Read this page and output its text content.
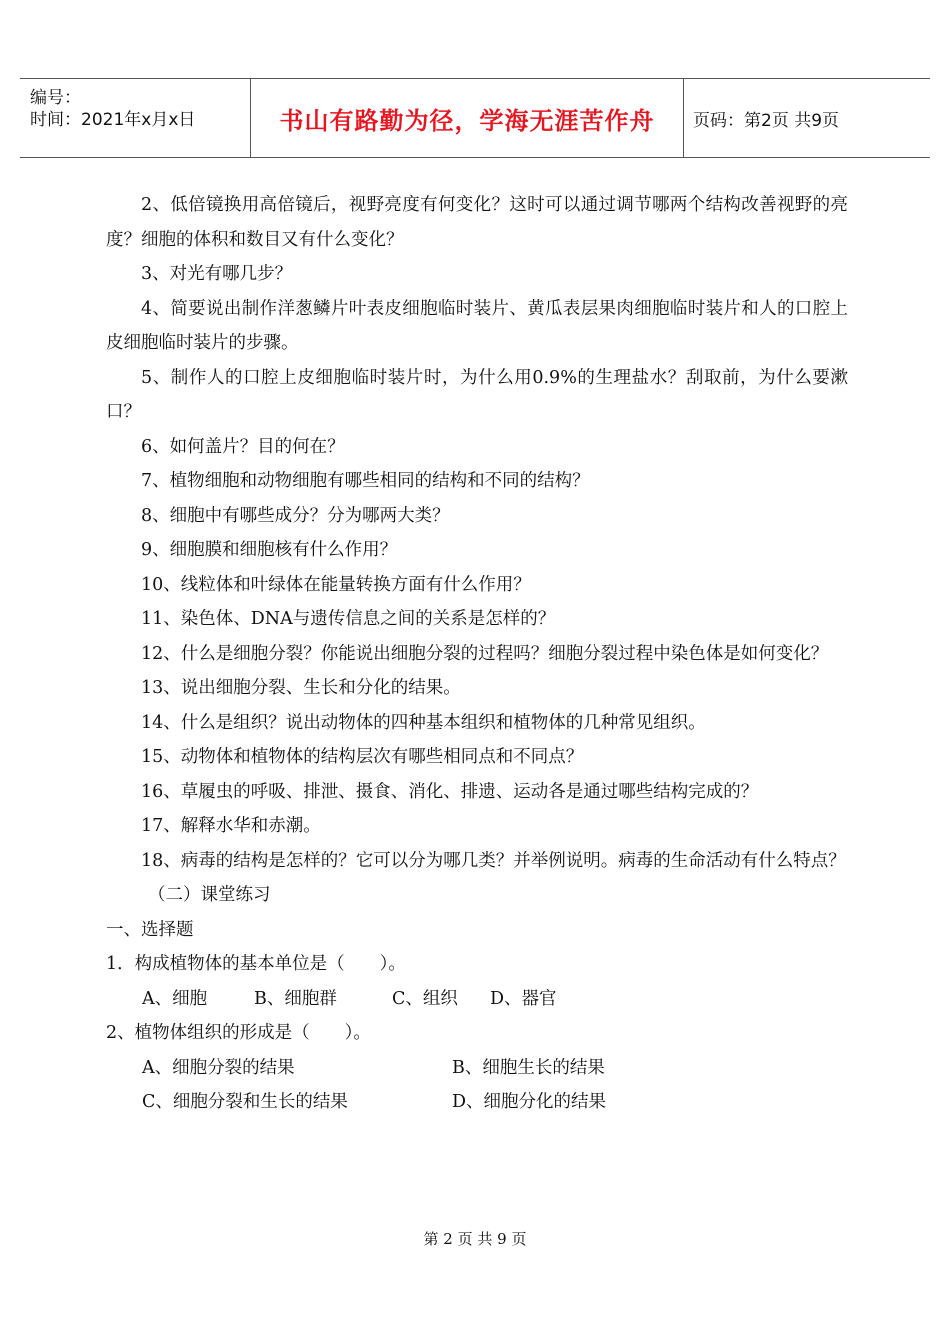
编号：
时间：2021年x月x日	书山有路勤为径，学海无涯苦作舟 页码：第2页 共9页

2、低倍镜换用高倍镜后，视野亮度有何变化？这时可以通过调节哪两个结构改善视野的亮度？细胞的体积和数目又有什么变化？

3、对光有哪几步？

4、简要说出制作洋葱鳞片叶表皮细胞临时装片、黄瓜表层果肉细胞临时装片和人的口腔上皮细胞临时装片的步骤。

5、制作人的口腔上皮细胞临时装片时，为什么用0.9%的生理盐水？刮取前，为什么要漱口？

6、如何盖片？目的何在？

7、植物细胞和动物细胞有哪些相同的结构和不同的结构？

8、细胞中有哪些成分？分为哪两大类？

9、细胞膜和细胞核有什么作用？

10、线粒体和叶绿体在能量转换方面有什么作用？

11、染色体、DNA与遗传信息之间的关系是怎样的？

12、什么是细胞分裂？你能说出细胞分裂的过程吗？细胞分裂过程中染色体是如何变化？

13、说出细胞分裂、生长和分化的结果。

14、什么是组织？说出动物体的四种基本组织和植物体的几种常见组织。

15、动物体和植物体的结构层次有哪些相同点和不同点？

16、草履虫的呼吸、排泄、摄食、消化、排遗、运动各是通过哪些结构完成的？

17、解释水华和赤潮。

18、病毒的结构是怎样的？它可以分为哪几类？并举例说明。病毒的生命活动有什么特点？

（二）课堂练习

一、选择题

1．构成植物体的基本单位是（　　）。

A、细胞	B、细胞群	C、组织	D、器官

2、植物体组织的形成是（　　）。

A、细胞分裂的结果	B、细胞生长的结果
C、细胞分裂和生长的结果	D、细胞分化的结果
第 2 页 共 9 页
